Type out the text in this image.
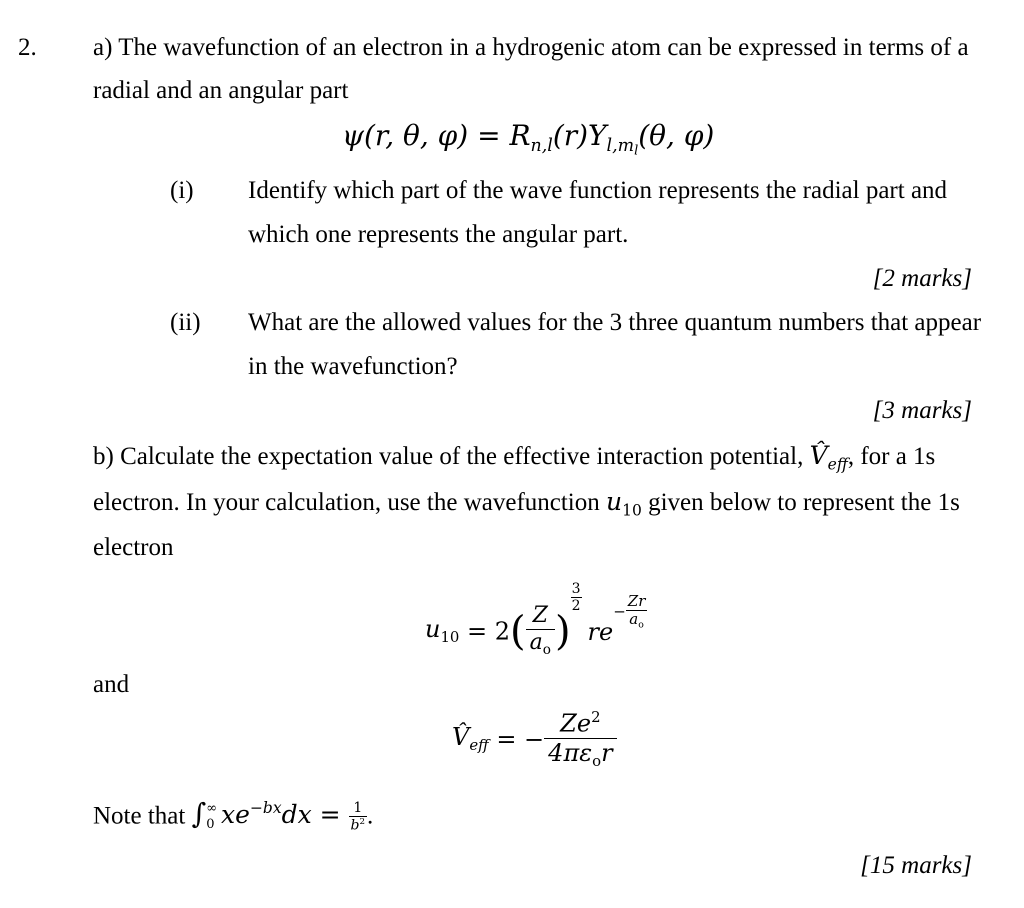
2. a) The wavefunction of an electron in a hydrogenic atom can be expressed in terms of a
radial and an angular part
ψ(r, θ, $\varphi) = R_{n,l}(r)Y_{l,ml}(\theta$, φ)
(i) Identify which part of the wave function represents the radial part and
which one represents the angular part.
[2 marks]
(ii) What are the allowed values for the 3 three quantum numbers that appear
in the wavefunction?
[3 marks]
b) Calculate the expectation value of the effective interaction potential, $V̂_{eff}$, for a 1s
electron. In your calculation, use the wavefunction $u_{10}$ given below to represent the 1s
electron
$u_{10} = 2( \frac{Z}{a_o}$ )
$\frac{3}{2}$
$re- \frac{Zr}{a_o}$
and
$V̂_{eff}$ = − $\frac{Ze^2}{4\pi\varepsilon_or}$
Note that ∫ ∞
0 $xe^{-bx}dx = \frac{1}{b^2}$ .
[15 marks]
